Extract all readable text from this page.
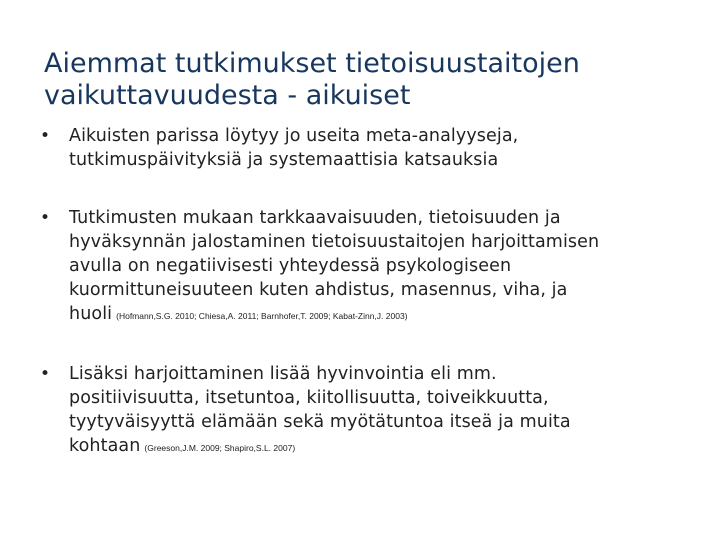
Aiemmat tutkimukset tietoisuustaitojen
vaikuttavuudesta - aikuiset
• Aikuisten parissa löytyy jo useita meta-analyyseja,
tutkimuspäivityksiä ja systemaattisia katsauksia
• Tutkimusten mukaan tarkkaavaisuuden, tietoisuuden ja
hyväksynnän jalostaminen tietoisuustaitojen harjoittamisen
avulla on negatiivisesti yhteydessä psykologiseen
kuormittuneisuuteen kuten ahdistus, masennus, viha, ja
huoli (Hofmann,S.G. 2010; Chiesa,A. 2011; Barnhofer,T. 2009; Kabat-Zinn,J. 2003)
• Lisäksi harjoittaminen lisää hyvinvointia eli mm.
positiivisuutta, itsetuntoa, kiitollisuutta, toiveikkuutta,
tyytyväisyyttä elämään sekä myötätuntoa itseä ja muita
kohtaan (Greeson,J.M. 2009; Shapiro,S.L. 2007)
